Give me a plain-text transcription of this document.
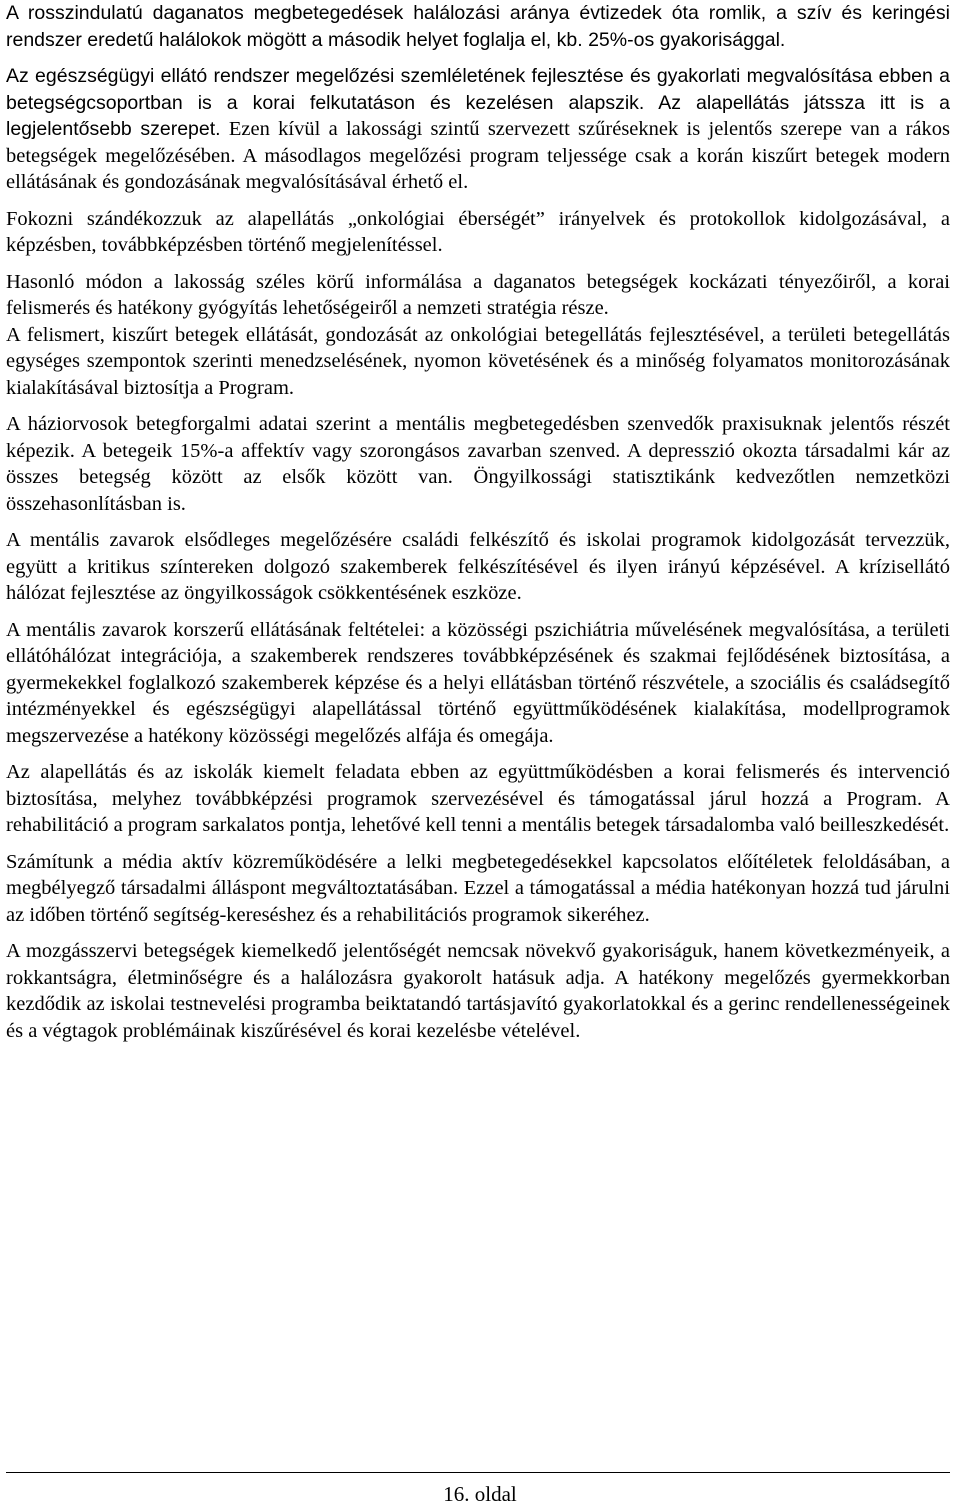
A rosszindulatú daganatos megbetegedések halálozási aránya évtizedek óta romlik, a szív és keringési rendszer eredetű halálokok mögött a második helyet foglalja el, kb. 25%-os gyakorisággal.

Az egészségügyi ellátó rendszer megelőzési szemléletének fejlesztése és gyakorlati megvalósítása ebben a betegségcsoportban is a korai felkutatáson és kezelésen alapszik. Az alapellátás játssza itt is a legjelentősebb szerepet. Ezen kívül a lakossági szintű szervezett szűréseknek is jelentős szerepe van a rákos betegségek megelőzésében. A másodlagos megelőzési program teljessége csak a korán kiszűrt betegek modern ellátásának és gondozásának megvalósításával érhető el.

Fokozni szándékozzuk az alapellátás „onkológiai éberségét” irányelvek és protokollok kidolgozásával, a képzésben, továbbképzésben történő megjelenítéssel.

Hasonló módon a lakosság széles körű informálása a daganatos betegségek kockázati tényezőiről, a korai felismerés és hatékony gyógyítás lehetőségeiről a nemzeti stratégia része.

A felismert, kiszűrt betegek ellátását, gondozását az onkológiai betegellátás fejlesztésével, a területi betegellátás egységes szempontok szerinti menedzselésének, nyomon követésének és a minőség folyamatos monitorozásának kialakításával biztosítja a Program.

A háziorvosok betegforgalmi adatai szerint a mentális megbetegedésben szenvedők praxisuknak jelentős részét képezik. A betegeik 15%-a affektív vagy szorongásos zavarban szenved. A depresszió okozta társadalmi kár az összes betegség között az elsők között van. Öngyilkossági statisztikánk kedvezőtlen nemzetközi összehasonlításban is.

A mentális zavarok elsődleges megelőzésére családi felkészítő és iskolai programok kidolgozását tervezzük, együtt a kritikus színtereken dolgozó szakemberek felkészítésével és ilyen irányú képzésével. A krízisellátó hálózat fejlesztése az öngyilkosságok csökkentésének eszköze.

A mentális zavarok korszerű ellátásának feltételei: a közösségi pszichiátria művelésének megvalósítása, a területi ellátóhálózat integrációja, a szakemberek rendszeres továbbképzésének és szakmai fejlődésének biztosítása, a gyermekekkel foglalkozó szakemberek képzése és a helyi ellátásban történő részvétele, a szociális és családsegítő intézményekkel és egészségügyi alapellátással történő együttműködésének kialakítása, modellprogramok megszervezése a hatékony közösségi megelőzés alfája és omegája.

Az alapellátás és az iskolák kiemelt feladata ebben az együttműködésben a korai felismerés és intervenció biztosítása, melyhez továbbképzési programok szervezésével és támogatással járul hozzá a Program. A rehabilitáció a program sarkalatos pontja, lehetővé kell tenni a mentális betegek társadalomba való beilleszkedését.

Számítunk a média aktív közreműködésére a lelki megbetegedésekkel kapcsolatos előítéletek feloldásában, a megbélyegző társadalmi álláspont megváltoztatásában. Ezzel a támogatással a média hatékonyan hozzá tud járulni az időben történő segítség-kereséshez és a rehabilitációs programok sikeréhez.

A mozgásszervi betegségek kiemelkedő jelentőségét nemcsak növekvő gyakoriságuk, hanem következményeik, a rokkantságra, életminőségre és a halálozásra gyakorolt hatásuk adja. A hatékony megelőzés gyermekkorban kezdődik az iskolai testnevelési programba beiktatandó tartásjavító gyakorlatokkal és a gerinc rendellenességeinek és a végtagok problémáinak kiszűrésével és korai kezelésbe vételével.

16. oldal
